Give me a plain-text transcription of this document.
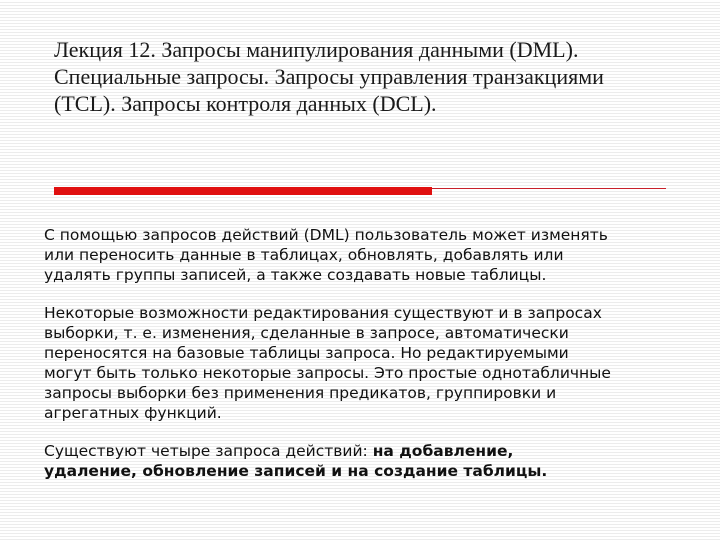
Лекция 12. Запросы манипулирования данными (DML).
Специальные запросы. Запросы управления транзакциями
(TCL). Запросы контроля данных (DCL).

С помощью запросов действий (DML) пользователь может изменять
или переносить данные в таблицах, обновлять, добавлять или
удалять группы записей, а также создавать новые таблицы.

Некоторые возможности редактирования существуют и в запросах
выборки, т. е. изменения, сделанные в запросе, автоматически
переносятся на базовые таблицы запроса. Но редактируемыми
могут быть только некоторые запросы. Это простые однотабличные
запросы выборки без применения предикатов, группировки и
агрегатных функций.

Существуют четыре запроса действий: на добавление,
удаление, обновление записей и на создание таблицы.
